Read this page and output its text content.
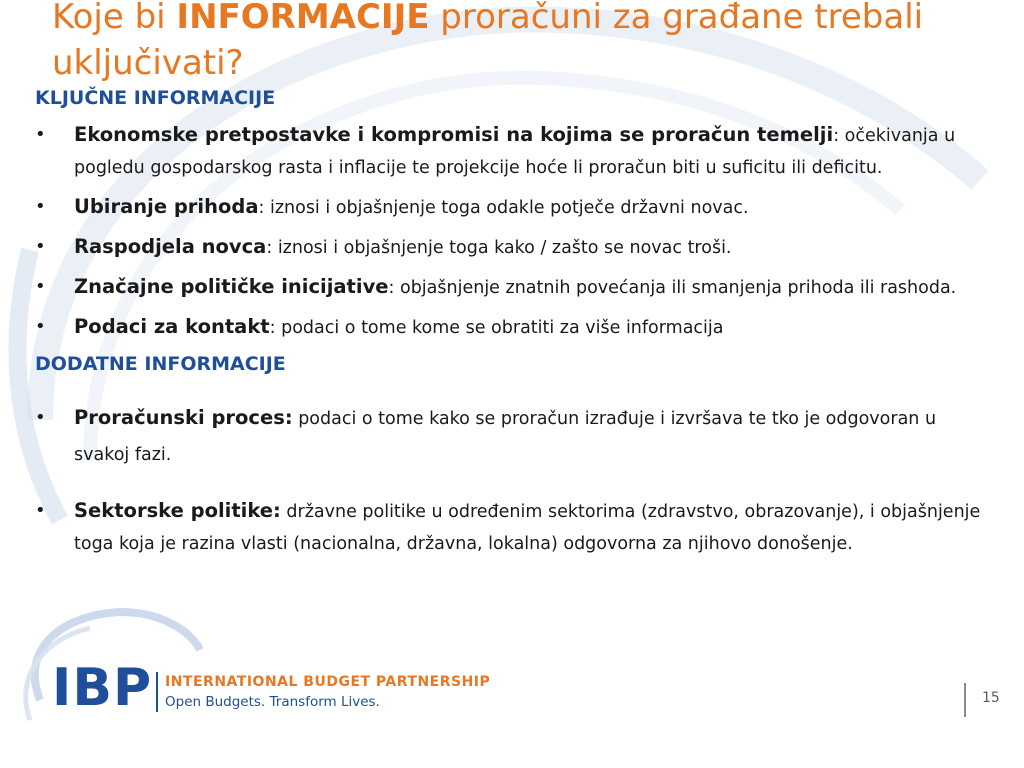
Koje bi INFORMACIJE proračuni za građane trebali uključivati?
KLJUČNE INFORMACIJE
• Ekonomske pretpostavke i kompromisi na kojima se proračun temelji: očekivanja u pogledu gospodarskog rasta i inflacije te projekcije hoće li proračun biti u suficitu ili deficitu.
• Ubiranje prihoda: iznosi i objašnjenje toga odakle potječe državni novac.
• Raspodjela novca: iznosi i objašnjenje toga kako / zašto se novac troši.
• Značajne političke inicijative: objašnjenje znatnih povećanja ili smanjenja prihoda ili rashoda.
• Podaci za kontakt: podaci o tome kome se obratiti za više informacija
DODATNE INFORMACIJE
• Proračunski proces: podaci o tome kako se proračun izrađuje i izvršava te tko je odgovoran u svakoj fazi.
• Sektorske politike: državne politike u određenim sektorima (zdravstvo, obrazovanje), i objašnjenje toga koja je razina vlasti (nacionalna, državna, lokalna) odgovorna za njihovo donošenje.
IBP INTERNATIONAL BUDGET PARTNERSHIP
Open Budgets. Transform Lives.	15
